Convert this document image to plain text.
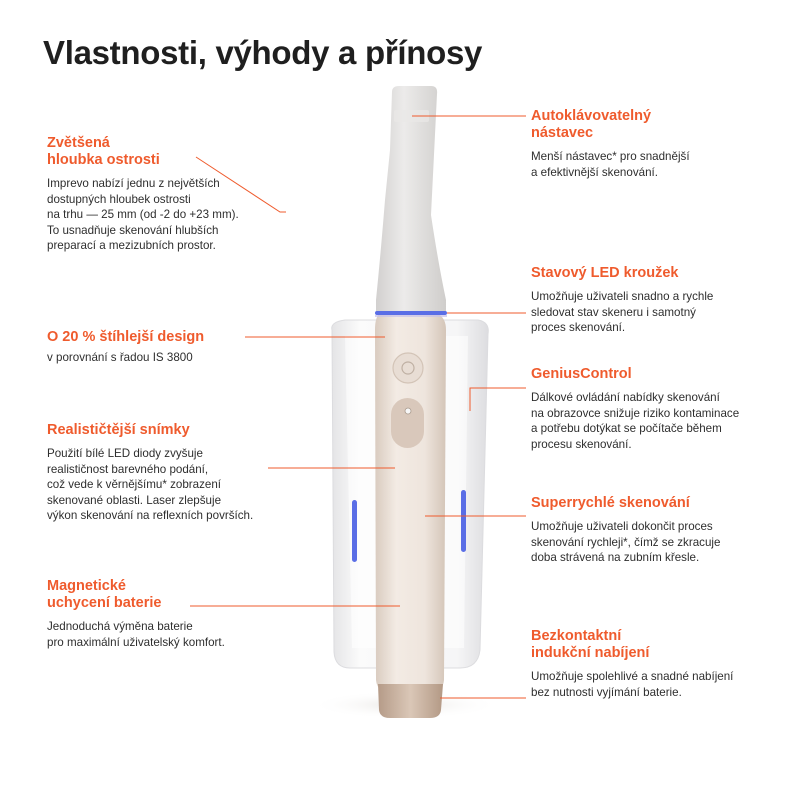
Vlastnosti, výhody a přínosy
Zvětšená
hloubka ostrosti
Imprevo nabízí jednu z největších
dostupných hloubek ostrosti
na trhu — 25 mm (od -2 do +23 mm).
To usnadňuje skenování hlubších
preparací a mezizubních prostor.
O 20 % štíhlejší design
v porovnání s řadou IS 3800
Realističtější snímky
Použití bílé LED diody zvyšuje
realističnost barevného podání,
což vede k věrnějšímu* zobrazení
skenované oblasti. Laser zlepšuje
výkon skenování na reflexních površích.
Magnetické
uchycení baterie
Jednoduchá výměna baterie
pro maximální uživatelský komfort.
Autoklávovatelný
nástavec
Menší nástavec* pro snadnější
a efektivnější skenování.
Stavový LED kroužek
Umožňuje uživateli snadno a rychle
sledovat stav skeneru i samotný
proces skenování.
GeniusControl
Dálkové ovládání nabídky skenování
na obrazovce snižuje riziko kontaminace
a potřebu dotýkat se počítače během
procesu skenování.
Superrychlé skenování
Umožňuje uživateli dokončit proces
skenování rychleji*, čímž se zkracuje
doba strávená na zubním křesle.
Bezkontaktní
indukční nabíjení
Umožňuje spolehlivé a snadné nabíjení
bez nutnosti vyjímání baterie.
